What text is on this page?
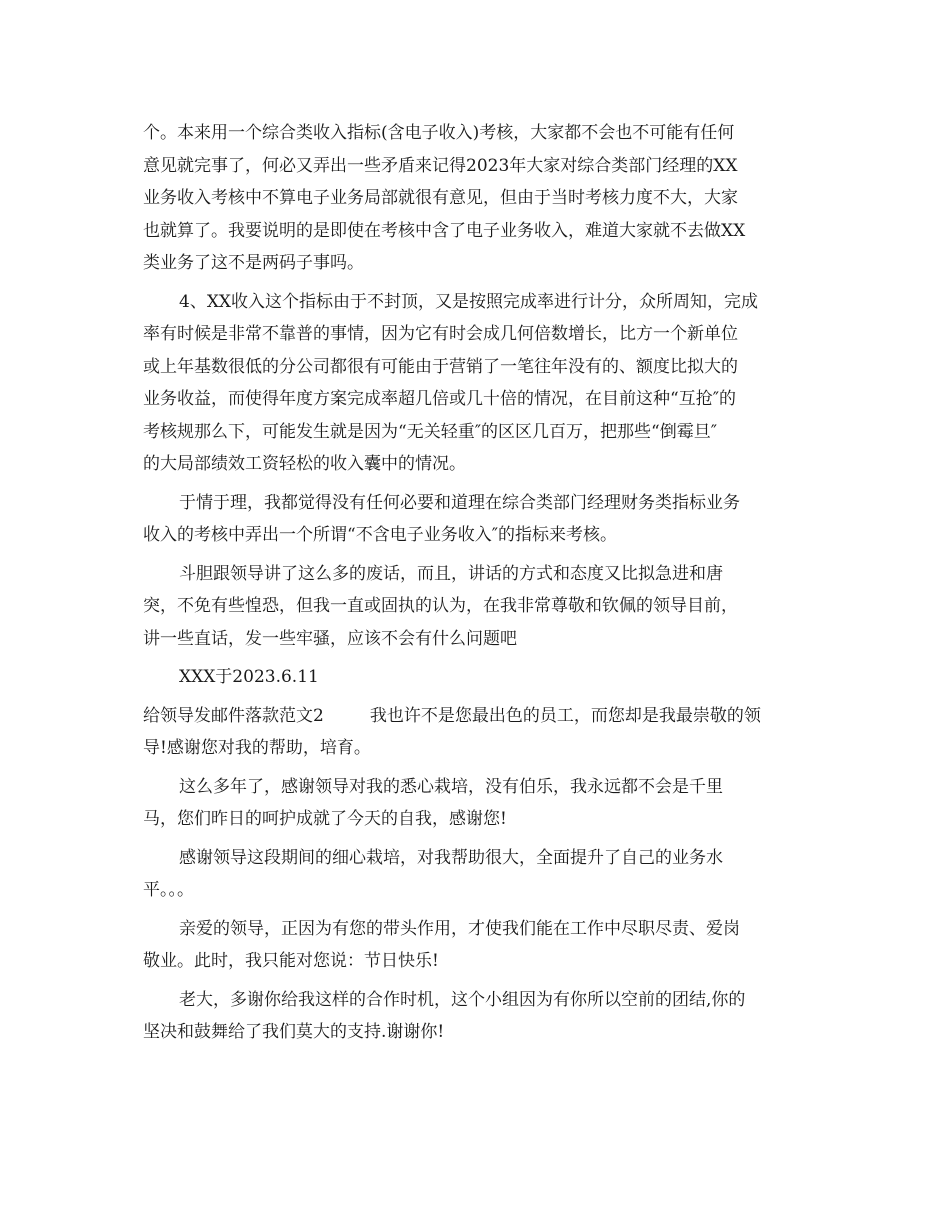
个。本来用一个综合类收入指标(含电子收入)考核，大家都不会也不可能有任何
意见就完事了，何必又弄出一些矛盾来记得2023年大家对综合类部门经理的XX
业务收入考核中不算电子业务局部就很有意见，但由于当时考核力度不大，大家
也就算了。我要说明的是即使在考核中含了电子业务收入，难道大家就不去做XX
类业务了这不是两码子事吗。
4、XX收入这个指标由于不封顶，又是按照完成率进行计分，众所周知，完成
率有时候是非常不靠普的事情，因为它有时会成几何倍数增长，比方一个新单位
或上年基数很低的分公司都很有可能由于营销了一笔往年没有的、额度比拟大的
业务收益，而使得年度方案完成率超几倍或几十倍的情况，在目前这种“互抢″的
考核规那么下，可能发生就是因为“无关轻重″的区区几百万，把那些“倒霉旦″
的大局部绩效工资轻松的收入囊中的情况。
于情于理，我都觉得没有任何必要和道理在综合类部门经理财务类指标业务
收入的考核中弄出一个所谓“不含电子业务收入″的指标来考核。
斗胆跟领导讲了这么多的废话，而且，讲话的方式和态度又比拟急进和唐
突，不免有些惶恐，但我一直或固执的认为，在我非常尊敬和钦佩的领导目前，
讲一些直话，发一些牢骚，应该不会有什么问题吧
XXX于2023.6.11
给领导发邮件落款范文2	我也许不是您最出色的员工，而您却是我最崇敬的领
导!感谢您对我的帮助，培育。
这么多年了，感谢领导对我的悉心栽培，没有伯乐，我永远都不会是千里
马，您们昨日的呵护成就了今天的自我，感谢您!
感谢领导这段期间的细心栽培，对我帮助很大，全面提升了自己的业务水
平。。。
亲爱的领导，正因为有您的带头作用，才使我们能在工作中尽职尽责、爱岗
敬业。此时，我只能对您说：节日快乐!
老大，多谢你给我这样的合作时机，这个小组因为有你所以空前的团结,你的
坚决和鼓舞给了我们莫大的支持.谢谢你!
